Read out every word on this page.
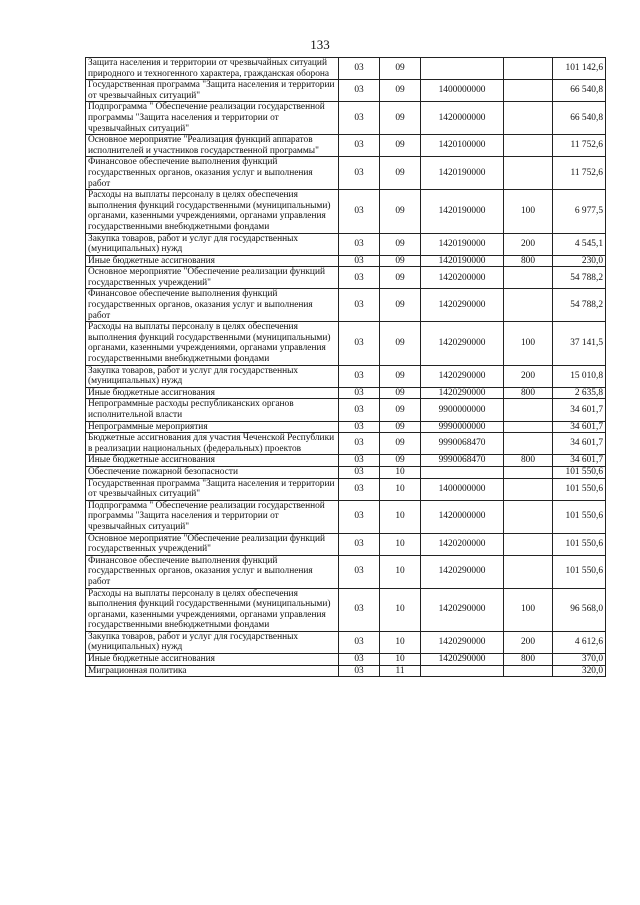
133
Защита населения и территории от чрезвычайных ситуаций природного и техногенного характера, гражданская оборона	03	09			101 142,6
Государственная программа "Защита населения и территории от чрезвычайных ситуаций"	03	09	1400000000		66 540,8
Подпрограмма " Обеспечение реализации государственной программы "Защита населения и территории от чрезвычайных ситуаций"	03	09	1420000000		66 540,8
Основное мероприятие "Реализация функций аппаратов исполнителей и участников государственной программы"	03	09	1420100000		11 752,6
Финансовое обеспечение выполнения функций государственных органов, оказания услуг и выполнения работ	03	09	1420190000		11 752,6
Расходы на выплаты персоналу в целях обеспечения выполнения функций государственными (муниципальными) органами, казенными учреждениями, органами управления государственными внебюджетными фондами	03	09	1420190000	100	6 977,5
Закупка товаров, работ и услуг для государственных (муниципальных) нужд	03	09	1420190000	200	4 545,1
Иные бюджетные ассигнования	03	09	1420190000	800	230,0
Основное мероприятие "Обеспечение реализации функций государственных учреждений"	03	09	1420200000		54 788,2
Финансовое обеспечение выполнения функций государственных органов, оказания услуг и выполнения работ	03	09	1420290000		54 788,2
Расходы на выплаты персоналу в целях обеспечения выполнения функций государственными (муниципальными) органами, казенными учреждениями, органами управления государственными внебюджетными фондами	03	09	1420290000	100	37 141,5
Закупка товаров, работ и услуг для государственных (муниципальных) нужд	03	09	1420290000	200	15 010,8
Иные бюджетные ассигнования	03	09	1420290000	800	2 635,8
Непрограммные расходы республиканских органов исполнительной власти	03	09	9900000000		34 601,7
Непрограммные мероприятия	03	09	9990000000		34 601,7
Бюджетные ассигнования для участия Чеченской Республики в реализации национальных (федеральных) проектов	03	09	9990068470		34 601,7
Иные бюджетные ассигнования	03	09	9990068470	800	34 601,7
Обеспечение пожарной безопасности	03	10			101 550,6
Государственная программа "Защита населения и территории от чрезвычайных ситуаций"	03	10	1400000000		101 550,6
Подпрограмма " Обеспечение реализации государственной программы "Защита населения и территории от чрезвычайных ситуаций"	03	10	1420000000		101 550,6
Основное мероприятие "Обеспечение реализации функций государственных учреждений"	03	10	1420200000		101 550,6
Финансовое обеспечение выполнения функций государственных органов, оказания услуг и выполнения работ	03	10	1420290000		101 550,6
Расходы на выплаты персоналу в целях обеспечения выполнения функций государственными (муниципальными) органами, казенными учреждениями, органами управления государственными внебюджетными фондами	03	10	1420290000	100	96 568,0
Закупка товаров, работ и услуг для государственных (муниципальных) нужд	03	10	1420290000	200	4 612,6
Иные бюджетные ассигнования	03	10	1420290000	800	370,0
Миграционная политика	03	11			320,0
